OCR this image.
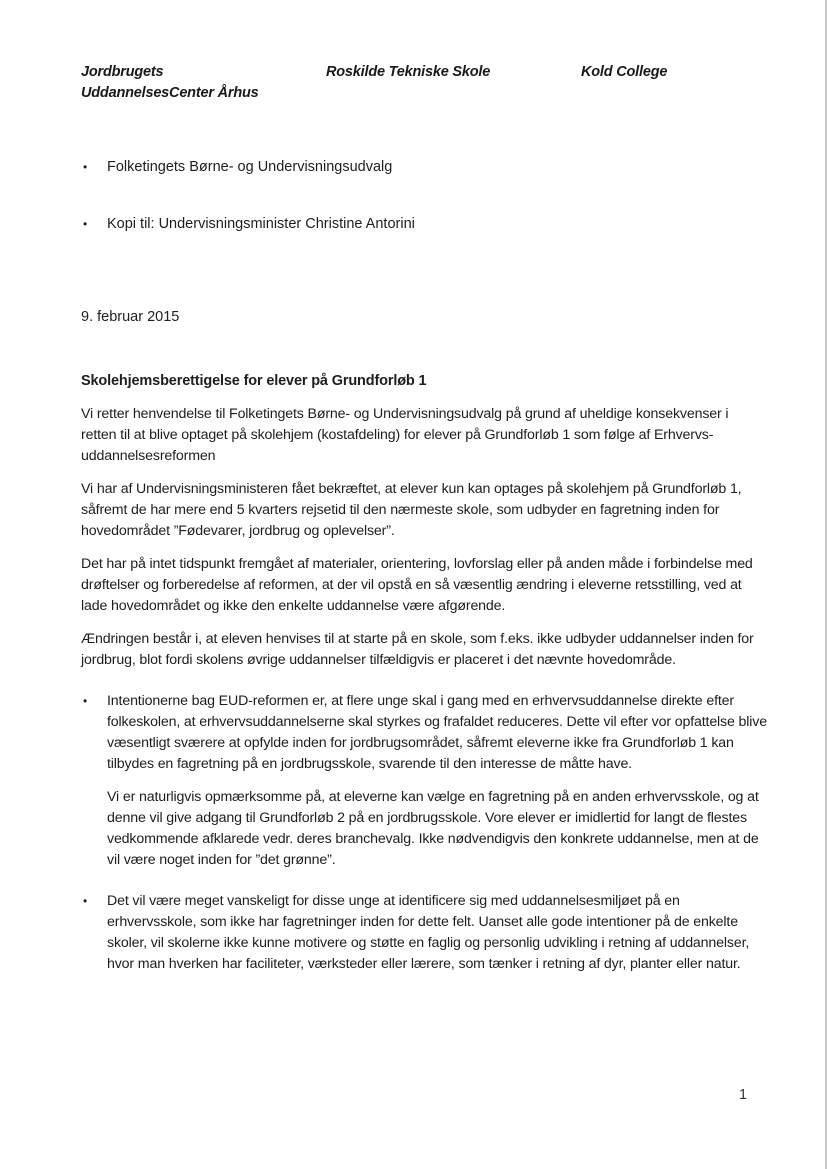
Jordbrugets
UddannelsesCenter Århus
Roskilde Tekniske Skole	Kold College
• Folketingets Børne- og Undervisningsudvalg
• Kopi til: Undervisningsminister Christine Antorini
9. februar 2015
Skolehjemsberettigelse for elever på Grundforløb 1

Vi retter henvendelse til Folketingets Børne- og Undervisningsudvalg på grund af uheldige konsekvenser i retten til at blive optaget på skolehjem (kostafdeling) for elever på Grundforløb 1 som følge af Erhvervs-uddannelsesreformen

Vi har af Undervisningsministeren fået bekræftet, at elever kun kan optages på skolehjem på Grundforløb 1, såfremt de har mere end 5 kvarters rejsetid til den nærmeste skole, som udbyder en fagretning inden for hovedområdet ”Fødevarer, jordbrug og oplevelser”.

Det har på intet tidspunkt fremgået af materialer, orientering, lovforslag eller på anden måde i forbindelse med drøftelser og forberedelse af reformen, at der vil opstå en så væsentlig ændring i eleverne retsstilling, ved at lade hovedområdet og ikke den enkelte uddannelse være afgørende.

Ændringen består i, at eleven henvises til at starte på en skole, som f.eks. ikke udbyder uddannelser inden for jordbrug, blot fordi skolens øvrige uddannelser tilfældigvis er placeret i det nævnte hovedområde.

• Intentionerne bag EUD-reformen er, at flere unge skal i gang med en erhvervsuddannelse direkte efter folkeskolen, at erhvervsuddannelserne skal styrkes og frafaldet reduceres. Dette vil efter vor opfattelse blive væsentligt sværere at opfylde inden for jordbrugsområdet, såfremt eleverne ikke fra Grundforløb 1 kan tilbydes en fagretning på en jordbrugsskole, svarende til den interesse de måtte have.
Vi er naturligvis opmærksomme på, at eleverne kan vælge en fagretning på en anden erhvervsskole, og at denne vil give adgang til Grundforløb 2 på en jordbrugsskole. Vore elever er imidlertid for langt de flestes vedkommende afklarede vedr. deres branchevalg. Ikke nødvendigvis den konkrete uddannelse, men at de vil være noget inden for ”det grønne”.
• Det vil være meget vanskeligt for disse unge at identificere sig med uddannelsesmiljøet på en erhvervsskole, som ikke har fagretninger inden for dette felt. Uanset alle gode intentioner på de enkelte skoler, vil skolerne ikke kunne motivere og støtte en faglig og personlig udvikling i retning af uddannelser, hvor man hverken har faciliteter, værksteder eller lærere, som tænker i retning af dyr, planter eller natur.
1
